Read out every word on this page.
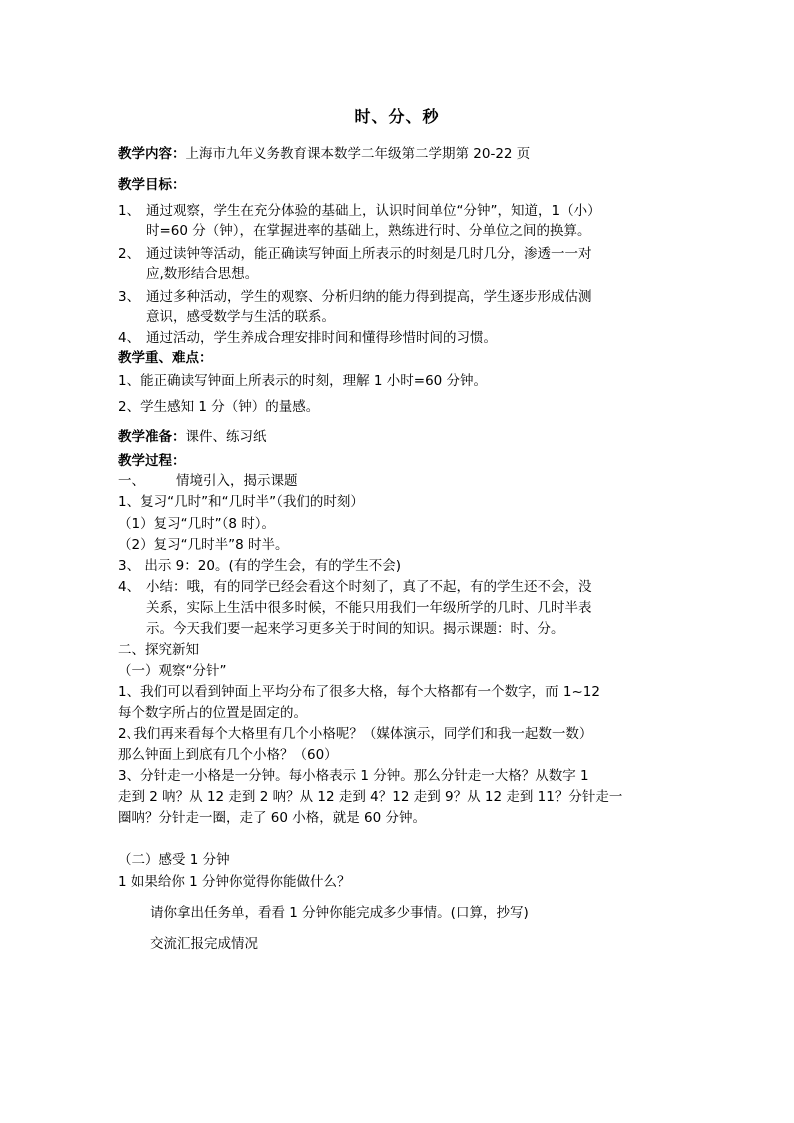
时、分、秒
教学内容：上海市九年义务教育课本数学二年级第二学期第 20-22 页
教学目标：
1、 通过观察，学生在充分体验的基础上，认识时间单位“分钟”，知道，1（小）
时=60 分（钟），在掌握进率的基础上，熟练进行时、分单位之间的换算。
2、 通过读钟等活动，能正确读写钟面上所表示的时刻是几时几分，渗透一一对
应,数形结合思想。
3、 通过多种活动，学生的观察、分析归纳的能力得到提高，学生逐步形成估测
意识，感受数学与生活的联系。
4、 通过活动，学生养成合理安排时间和懂得珍惜时间的习惯。
教学重、难点：
1、能正确读写钟面上所表示的时刻，理解 1 小时=60 分钟。
2、学生感知 1 分（钟）的量感。
教学准备：课件、练习纸
教学过程：
一、 情境引入，揭示课题
1、复习“几时”和“几时半”（我们的时刻）
（1）复习“几时”（8 时）。
（2）复习“几时半”8 时半。
3、 出示 9：20。(有的学生会，有的学生不会)
4、 小结：哦，有的同学已经会看这个时刻了，真了不起，有的学生还不会，没
关系，实际上生活中很多时候，不能只用我们一年级所学的几时、几时半表
示。今天我们要一起来学习更多关于时间的知识。揭示课题：时、分。
二、探究新知
（一）观察“分针”
1、我们可以看到钟面上平均分布了很多大格，每个大格都有一个数字，而 1~12
每个数字所占的位置是固定的。
2､我们再来看每个大格里有几个小格呢？（媒体演示，同学们和我一起数一数）
那么钟面上到底有几个小格？（60）
3、分针走一小格是一分钟。每小格表示 1 分钟。那么分针走一大格？从数字 1
走到 2 呐？从 12 走到 2 呐？从 12 走到 4？12 走到 9？从 12 走到 11？分针走一
圈呐？分针走一圈，走了 60 小格，就是 60 分钟。
（二）感受 1 分钟
1 如果给你 1 分钟你觉得你能做什么？
请你拿出任务单，看看 1 分钟你能完成多少事情。(口算，抄写)
交流汇报完成情况
